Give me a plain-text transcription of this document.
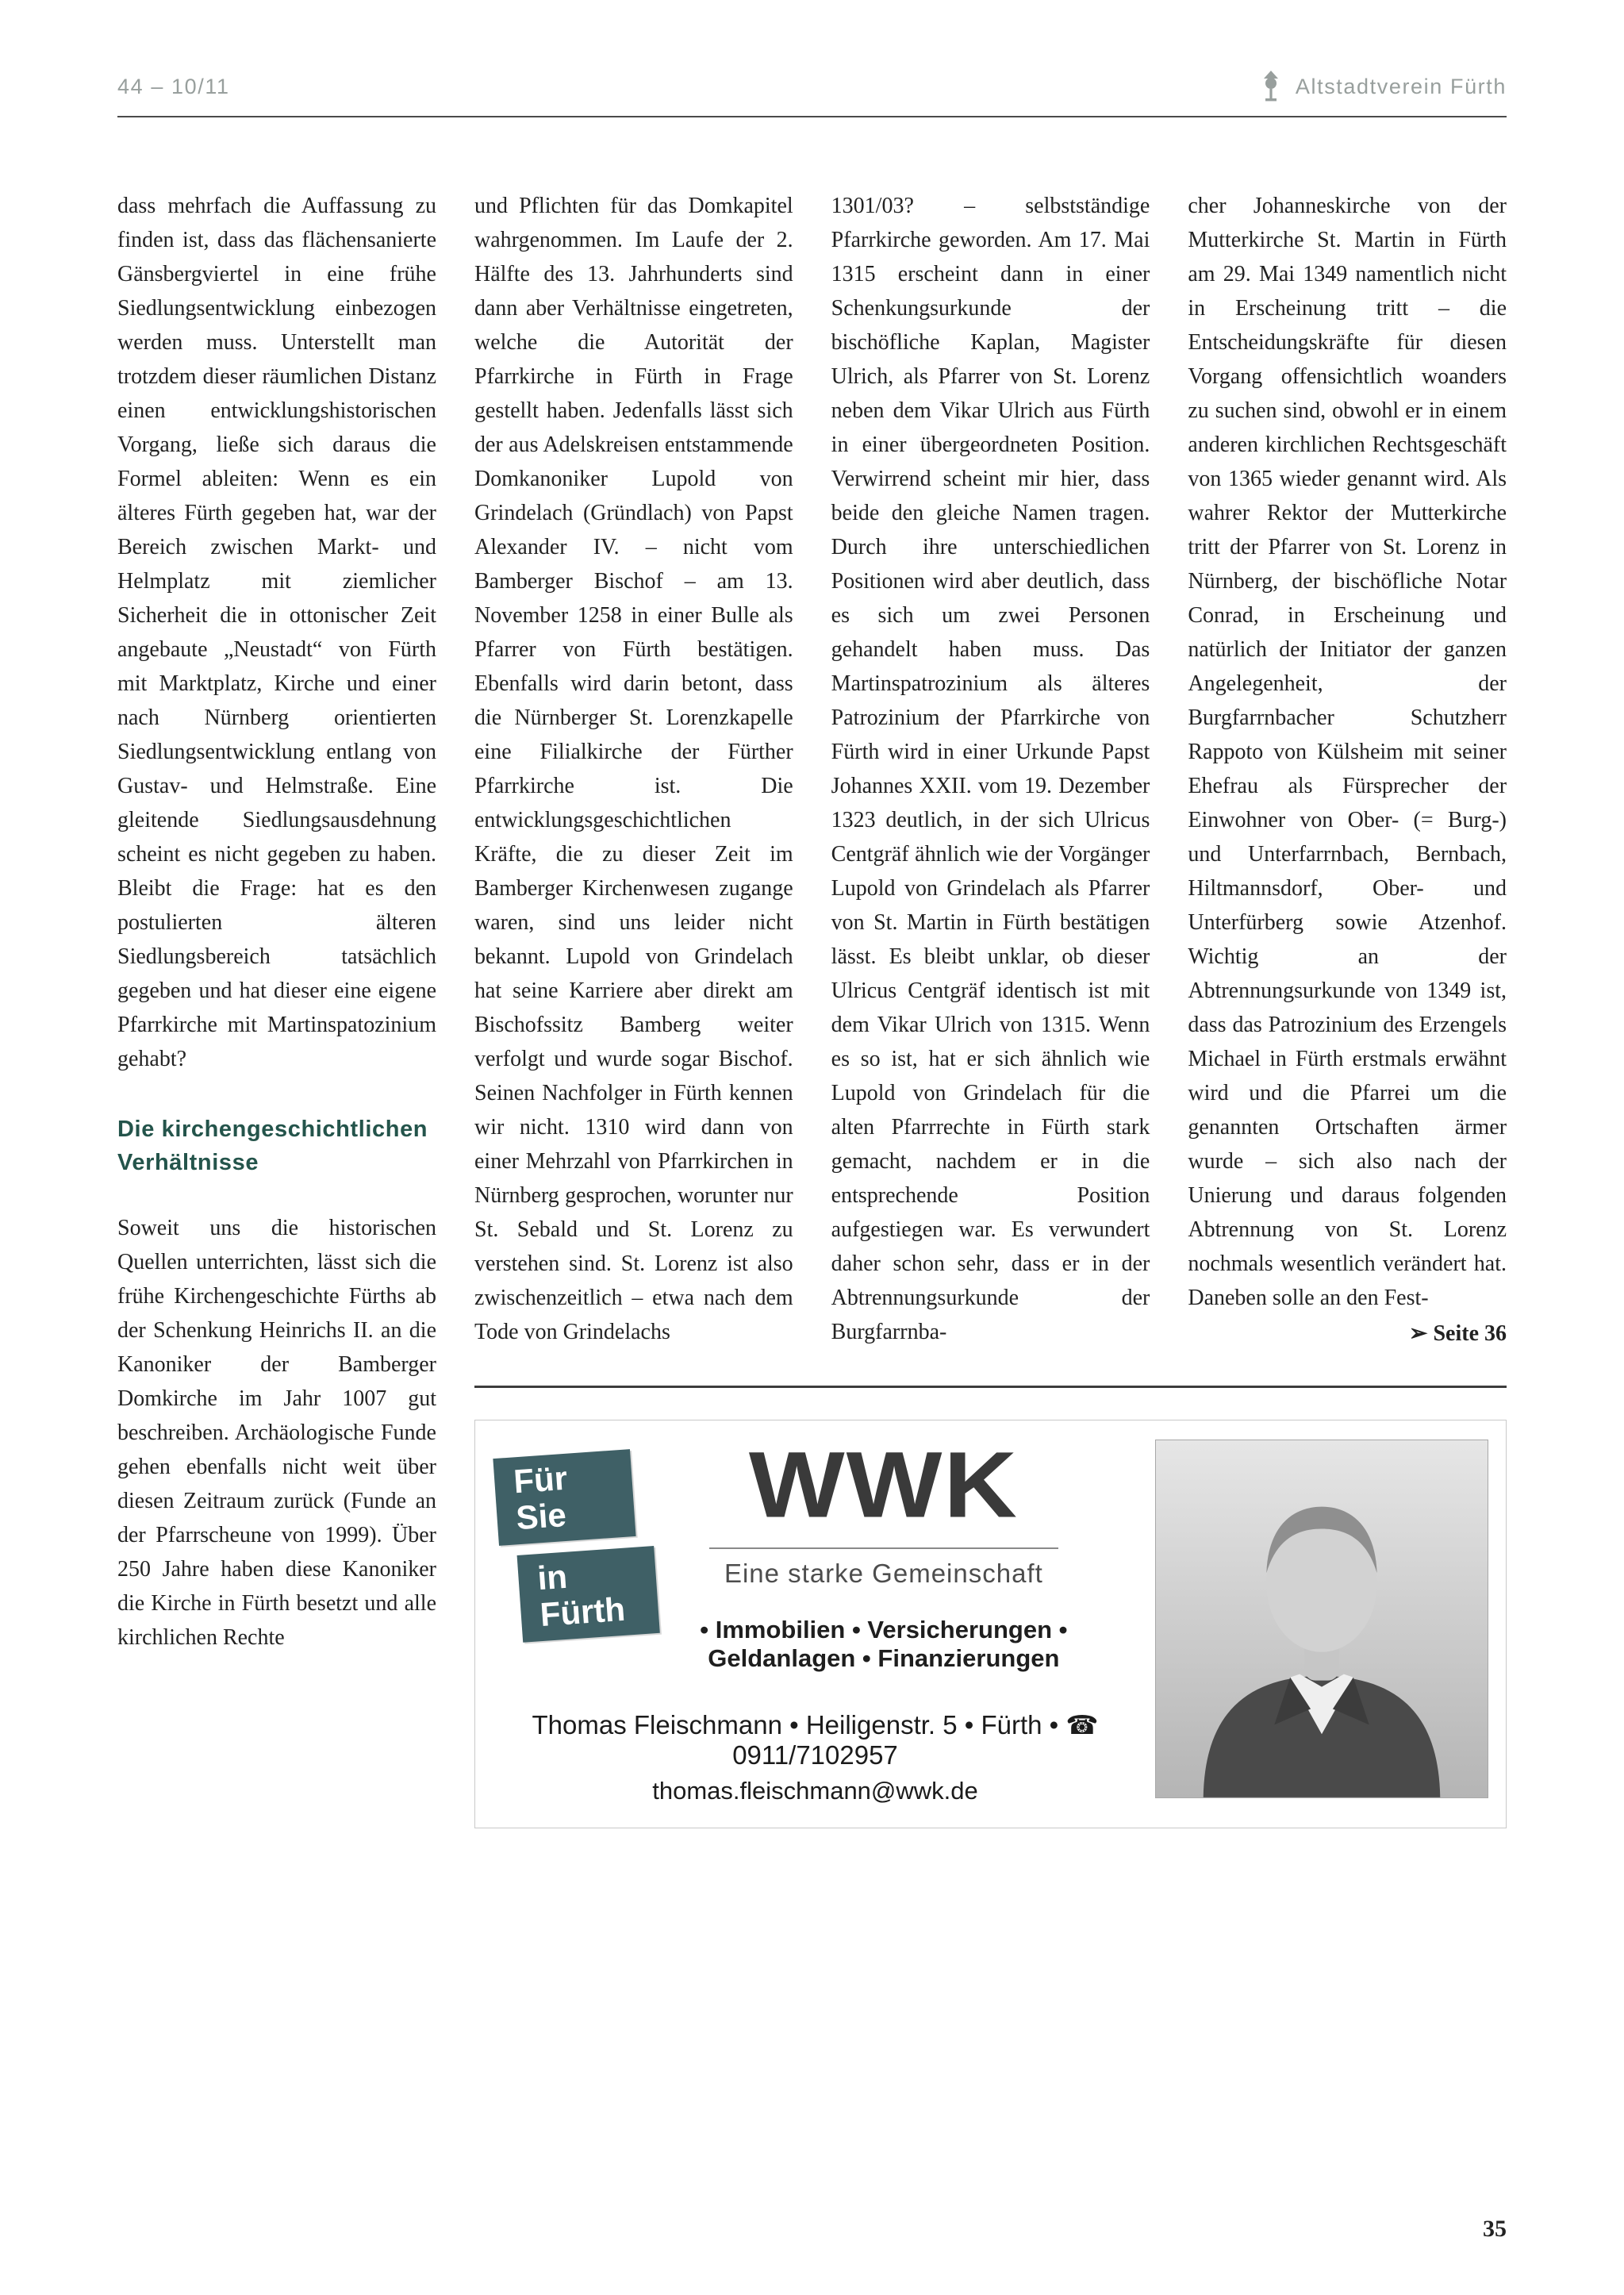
44 – 10/11	Altstadtverein Fürth

dass mehrfach die Auffassung zu finden ist, dass das flächensanierte Gänsbergviertel in eine frühe Siedlungsentwicklung einbezogen werden muss. Unterstellt man trotzdem dieser räumlichen Distanz einen entwicklungshistorischen Vorgang, ließe sich daraus die Formel ableiten: Wenn es ein älteres Fürth gegeben hat, war der Bereich zwischen Markt- und Helmplatz mit ziemlicher Sicherheit die in ottonischer Zeit angebaute „Neustadt“ von Fürth mit Marktplatz, Kirche und einer nach Nürnberg orientierten Siedlungsentwicklung entlang von Gustav- und Helmstraße. Eine gleitende Siedlungsausdehnung scheint es nicht gegeben zu haben. Bleibt die Frage: hat es den postulierten älteren Siedlungsbereich tatsächlich gegeben und hat dieser eine eigene Pfarrkirche mit Martinspatozinium gehabt?

Die kirchengeschichtlichen Verhältnisse

Soweit uns die historischen Quellen unterrichten, lässt sich die frühe Kirchengeschichte Fürths ab der Schenkung Heinrichs II. an die Kanoniker der Bamberger Domkirche im Jahr 1007 gut beschreiben. Archäologische Funde gehen ebenfalls nicht weit über diesen Zeitraum zurück (Funde an der Pfarrscheune von 1999). Über 250 Jahre haben diese Kanoniker die Kirche in Fürth besetzt und alle kirchlichen Rechte

und Pflichten für das Domkapitel wahrgenommen. Im Laufe der 2. Hälfte des 13. Jahrhunderts sind dann aber Verhältnisse eingetreten, welche die Autorität der Pfarrkirche in Fürth in Frage gestellt haben. Jedenfalls lässt sich der aus Adelskreisen entstammende Domkanoniker Lupold von Grindelach (Gründlach) von Papst Alexander IV. – nicht vom Bamberger Bischof – am 13. November 1258 in einer Bulle als Pfarrer von Fürth bestätigen. Ebenfalls wird darin betont, dass die Nürnberger St. Lorenzkapelle eine Filialkirche der Fürther Pfarrkirche ist. Die entwicklungsgeschichtlichen Kräfte, die zu dieser Zeit im Bamberger Kirchenwesen zugange waren, sind uns leider nicht bekannt. Lupold von Grindelach hat seine Karriere aber direkt am Bischofssitz Bamberg weiter verfolgt und wurde sogar Bischof. Seinen Nachfolger in Fürth kennen wir nicht. 1310 wird dann von einer Mehrzahl von Pfarrkirchen in Nürnberg gesprochen, worunter nur St. Sebald und St. Lorenz zu verstehen sind. St. Lorenz ist also zwischenzeitlich – etwa nach dem Tode von Grindelachs

1301/03? – selbstständige Pfarrkirche geworden. Am 17. Mai 1315 erscheint dann in einer Schenkungsurkunde der bischöfliche Kaplan, Magister Ulrich, als Pfarrer von St. Lorenz neben dem Vikar Ulrich aus Fürth in einer übergeordneten Position. Verwirrend scheint mir hier, dass beide den gleiche Namen tragen. Durch ihre unterschiedlichen Positionen wird aber deutlich, dass es sich um zwei Personen gehandelt haben muss. Das Martinspatrozinium als älteres Patrozinium der Pfarrkirche von Fürth wird in einer Urkunde Papst Johannes XXII. vom 19. Dezember 1323 deutlich, in der sich Ulricus Centgräf ähnlich wie der Vorgänger Lupold von Grindelach als Pfarrer von St. Martin in Fürth bestätigen lässt. Es bleibt unklar, ob dieser Ulricus Centgräf identisch ist mit dem Vikar Ulrich von 1315. Wenn es so ist, hat er sich ähnlich wie Lupold von Grindelach für die alten Pfarrrechte in Fürth stark gemacht, nachdem er in die entsprechende Position aufgestiegen war. Es verwundert daher schon sehr, dass er in der Abtrennungsurkunde der Burgfarrnba-

cher Johanneskirche von der Mutterkirche St. Martin in Fürth am 29. Mai 1349 namentlich nicht in Erscheinung tritt – die Entscheidungskräfte für diesen Vorgang offensichtlich woanders zu suchen sind, obwohl er in einem anderen kirchlichen Rechtsgeschäft von 1365 wieder genannt wird. Als wahrer Rektor der Mutterkirche tritt der Pfarrer von St. Lorenz in Nürnberg, der bischöfliche Notar Conrad, in Erscheinung und natürlich der Initiator der ganzen Angelegenheit, der Burgfarrnbacher Schutzherr Rappoto von Külsheim mit seiner Ehefrau als Fürsprecher der Einwohner von Ober- (= Burg-) und Unterfarrnbach, Bernbach, Hiltmannsdorf, Ober- und Unterfürberg sowie Atzenhof. Wichtig an der Abtrennungsurkunde von 1349 ist, dass das Patrozinium des Erzengels Michael in Fürth erstmals erwähnt wird und die Pfarrei um die genannten Ortschaften ärmer wurde – sich also nach der Unierung und daraus folgenden Abtrennung von St. Lorenz nochmals wesentlich verändert hat. Daneben solle an den Fest-

➢ Seite 36

Für Sie
in Fürth
WWK
Eine starke Gemeinschaft
• Immobilien • Versicherungen • Geldanlagen • Finanzierungen
Thomas Fleischmann • Heiligenstr. 5 • Fürth • ☎ 0911/7102957
thomas.fleischmann@wwk.de
35
